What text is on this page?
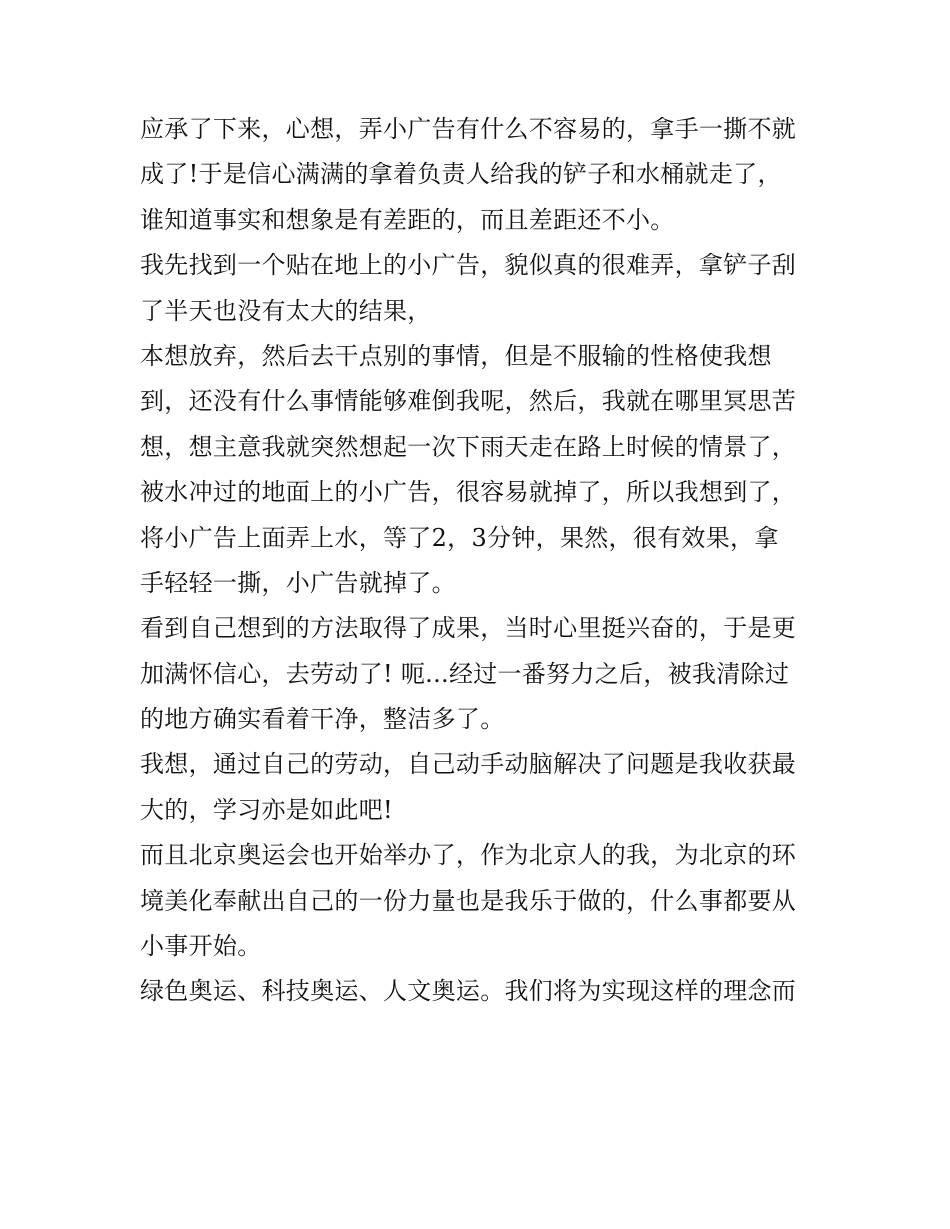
应承了下来，心想，弄小广告有什么不容易的，拿手一撕不就
成了!于是信心满满的拿着负责人给我的铲子和水桶就走了，
谁知道事实和想象是有差距的，而且差距还不小。
我先找到一个贴在地上的小广告，貌似真的很难弄，拿铲子刮
了半天也没有太大的结果，
本想放弃，然后去干点别的事情，但是不服输的性格使我想
到，还没有什么事情能够难倒我呢，然后，我就在哪里冥思苦
想，想主意我就突然想起一次下雨天走在路上时候的情景了，
被水冲过的地面上的小广告，很容易就掉了，所以我想到了，
将小广告上面弄上水，等了2，3分钟，果然，很有效果，拿
手轻轻一撕，小广告就掉了。
看到自己想到的方法取得了成果，当时心里挺兴奋的，于是更
加满怀信心，去劳动了! 呃...经过一番努力之后，被我清除过
的地方确实看着干净，整洁多了。
我想，通过自己的劳动，自己动手动脑解决了问题是我收获最
大的，学习亦是如此吧!
而且北京奥运会也开始举办了，作为北京人的我，为北京的环
境美化奉献出自己的一份力量也是我乐于做的，什么事都要从
小事开始。
绿色奥运、科技奥运、人文奥运。我们将为实现这样的理念而
